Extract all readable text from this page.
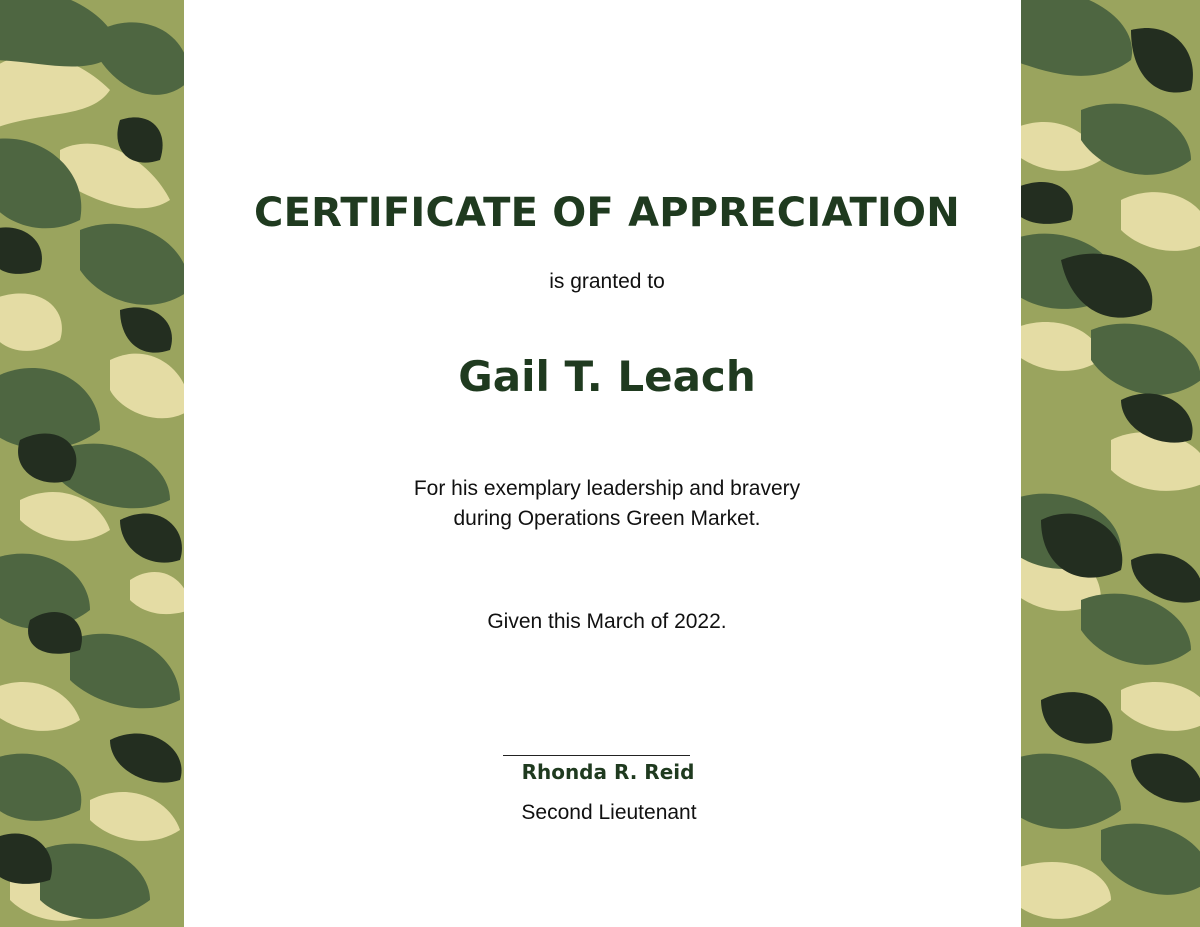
CERTIFICATE OF APPRECIATION
is granted to
Gail T. Leach
For his exemplary leadership and bravery
during Operations Green Market.
Given this March of 2022.
Rhonda R. Reid
Second Lieutenant
